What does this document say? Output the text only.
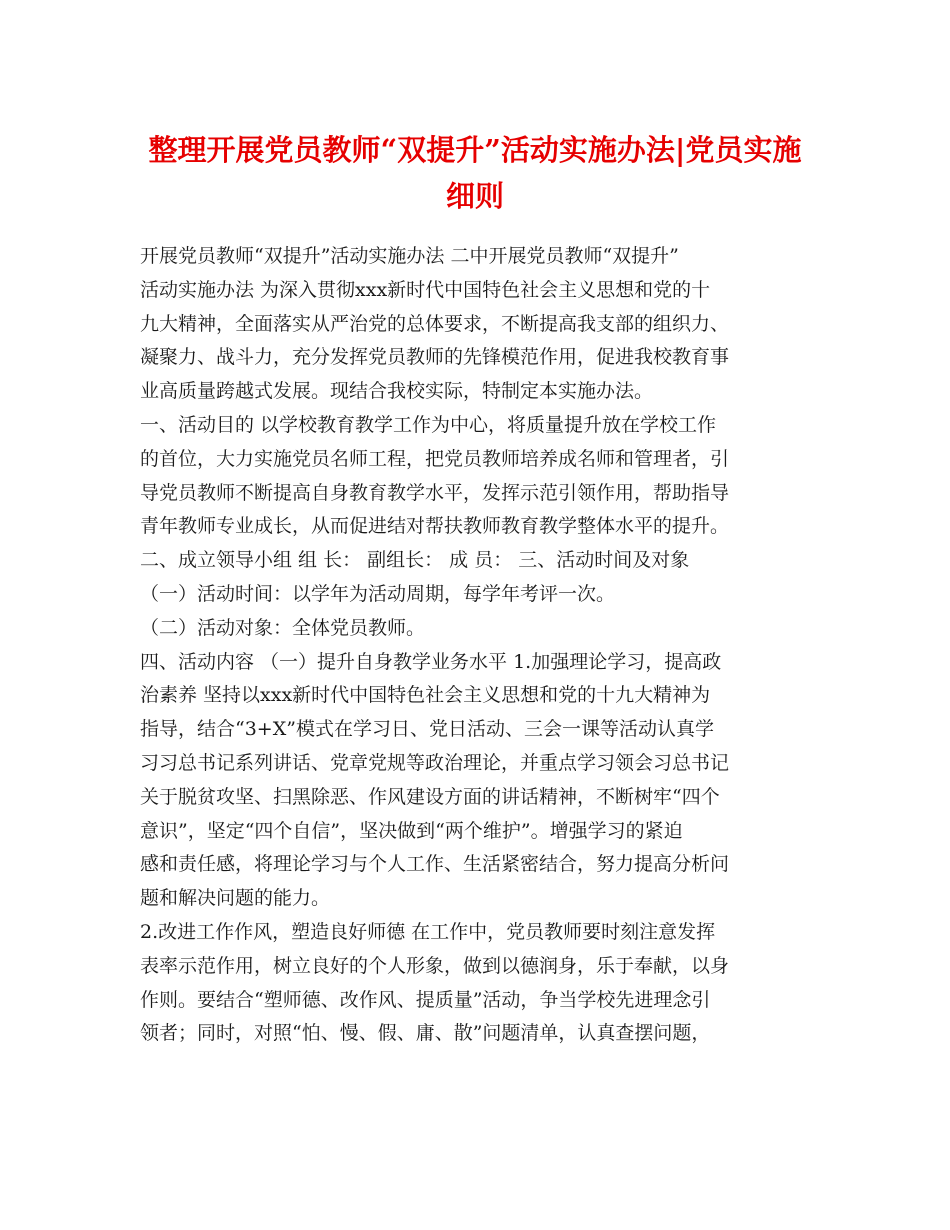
整理开展党员教师“双提升”活动实施办法|党员实施
细则
开展党员教师“双提升”活动实施办法 二中开展党员教师“双提升”
活动实施办法 为深入贯彻xxx新时代中国特色社会主义思想和党的十
九大精神，全面落实从严治党的总体要求，不断提高我支部的组织力、
凝聚力、战斗力，充分发挥党员教师的先锋模范作用，促进我校教育事
业高质量跨越式发展。现结合我校实际，特制定本实施办法。
一、活动目的 以学校教育教学工作为中心，将质量提升放在学校工作
的首位，大力实施党员名师工程，把党员教师培养成名师和管理者，引
导党员教师不断提高自身教育教学水平，发挥示范引领作用，帮助指导
青年教师专业成长，从而促进结对帮扶教师教育教学整体水平的提升。
二、成立领导小组 组 长： 副组长： 成 员： 三、活动时间及对象
（一）活动时间：以学年为活动周期，每学年考评一次。
（二）活动对象：全体党员教师。
四、活动内容 （一）提升自身教学业务水平 1.加强理论学习，提高政
治素养 坚持以xxx新时代中国特色社会主义思想和党的十九大精神为
指导，结合“3+X”模式在学习日、党日活动、三会一课等活动认真学
习习总书记系列讲话、党章党规等政治理论，并重点学习领会习总书记
关于脱贫攻坚、扫黑除恶、作风建设方面的讲话精神，不断树牢“四个
意识”，坚定“四个自信”，坚决做到“两个维护”。增强学习的紧迫
感和责任感，将理论学习与个人工作、生活紧密结合，努力提高分析问
题和解决问题的能力。
2.改进工作作风，塑造良好师德 在工作中，党员教师要时刻注意发挥
表率示范作用，树立良好的个人形象，做到以德润身，乐于奉献，以身
作则。要结合“塑师德、改作风、提质量”活动，争当学校先进理念引
领者；同时，对照“怕、慢、假、庸、散”问题清单，认真查摆问题，
